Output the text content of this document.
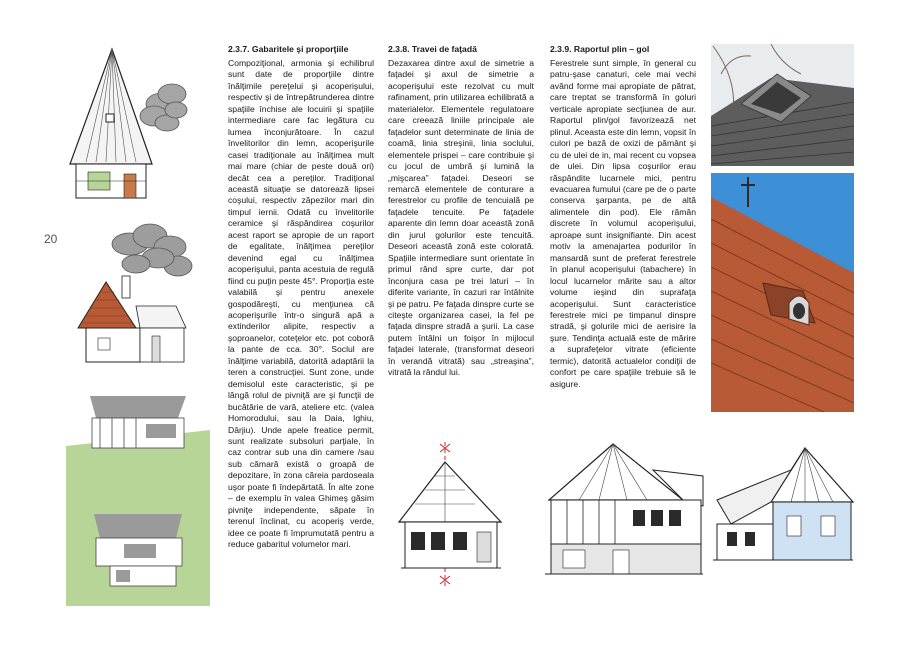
20
2.3.7. Gabaritele şi proporţiile

Compoziţional, armonia şi echilibrul sunt date de proporţiile dintre înălţimile pereţelui şi acoperişului, respectiv şi de întrepătrunderea dintre spaţiile închise ale locuirii şi spaţiile intermediare care fac legătura cu lumea înconjurătoare. În cazul învelitorilor din lemn, acoperişurile casei tradiţionale au înălţimea mult mai mare (chiar de peste două ori) decât cea a pereţilor. Tradiţional această situaţie se datorează lipsei coşului, respectiv zăpezilor mari din timpul iernii. Odată cu învelitorile ceramice şi răspândirea coşurilor acest raport se apropie de un raport de egalitate, înălţimea pereţilor devenind egal cu înălţimea acoperişului, panta acestuia de regulă fiind cu puţin peste 45°. Proporţia este valabilă şi pentru anexele gospodăreşti, cu menţiunea că acoperişurile într-o singură apă a extinderilor alipite, respectiv a şoproanelor, coteţelor etc. pot coborâ la pante de cca. 30°. Soclul are înălţime variabilă, datorită adaptării la teren a construcţiei. Sunt zone, unde demisolul este caracteristic, şi pe lângă rolul de pivniţă are şi funcţii de bucătărie de vară, ateliere etc. (valea Homorodului, sau la Daia, Ighiu, Dârjiu). Unde apele freatice permit, sunt realizate subsoluri parţiale, în caz contrar sub una din camere /sau sub cămară există o groapă de depozitare, în zona căreia pardoseala uşor poate fi îndepărtată. În alte zone – de exemplu în valea Ghimeş găsim pivniţe independente, săpate în terenul înclinat, cu acoperiş verde, idee ce poate fi împrumutată pentru a reduce gabaritul volumelor mari.

2.3.8. Travei de faţadă

Dezaxarea dintre axul de simetrie a faţadei şi axul de simetrie a acoperişului este rezolvat cu mult rafinament, prin utilizarea echilibrată a materialelor. Elementele regulatoare care creează liniile principale ale faţadelor sunt determinate de linia de coamă, linia streşinii, linia soclului, elementele prispei – care contribuie şi cu jocul de umbră şi lumină la „mişcarea” faţadei. Deseori se remarcă elementele de conturare a ferestrelor cu profile de tencuială pe faţadele tencuite. Pe faţadele aparente din lemn doar această zonă din jurul golurilor este tencuită. Deseori această zonă este colorată. Spaţiile intermediare sunt orientate în primul rând spre curte, dar pot înconjura casa pe trei laturi – în diferite variante, în cazuri rar întâlnite şi pe patru. Pe faţada dinspre curte se citeşte organizarea casei, la fel pe faţada dinspre stradă a şurii. La case putem întâlni un foişor în mijlocul faţadei laterale, (transformat deseori în verandă vitrată) sau „streaşina”, vitrată la rândul lui.

2.3.9. Raportul plin – gol

Ferestrele sunt simple, în general cu patru-şase canaturi, cele mai vechi având forme mai apropiate de pătrat, care treptat se transformă în goluri verticale apropiate secţiunea de aur. Raportul plin/gol favorizează net plinul. Aceasta este din lemn, vopsit în culori pe bază de oxizi de pământ şi cu de ulei de in, mai recent cu vopsea de ulei. Din lipsa coşurilor erau răspândite lucarnele mici, pentru evacuarea fumului (care pe de o parte conserva şarpanta, pe de altă alimentele din pod). Ele rămân discrete în volumul acoperişului, aproape sunt insignifiante. Din acest motiv la amenajartea podurilor în mansardă sunt de preferat ferestrele în planul acoperişului (tabachere) în locul lucarnelor mărite sau a altor volume ieşind din suprafaţa acoperişului. Sunt caracteristice ferestrele mici pe timpanul dinspre stradă, şi golurile mici de aerisire la şure. Tendinţa actuală este de mărire a suprafeţelor vitrate (eficiente termic), datorită actualelor condiţii de confort pe care spaţiile trebuie să le asigure.
